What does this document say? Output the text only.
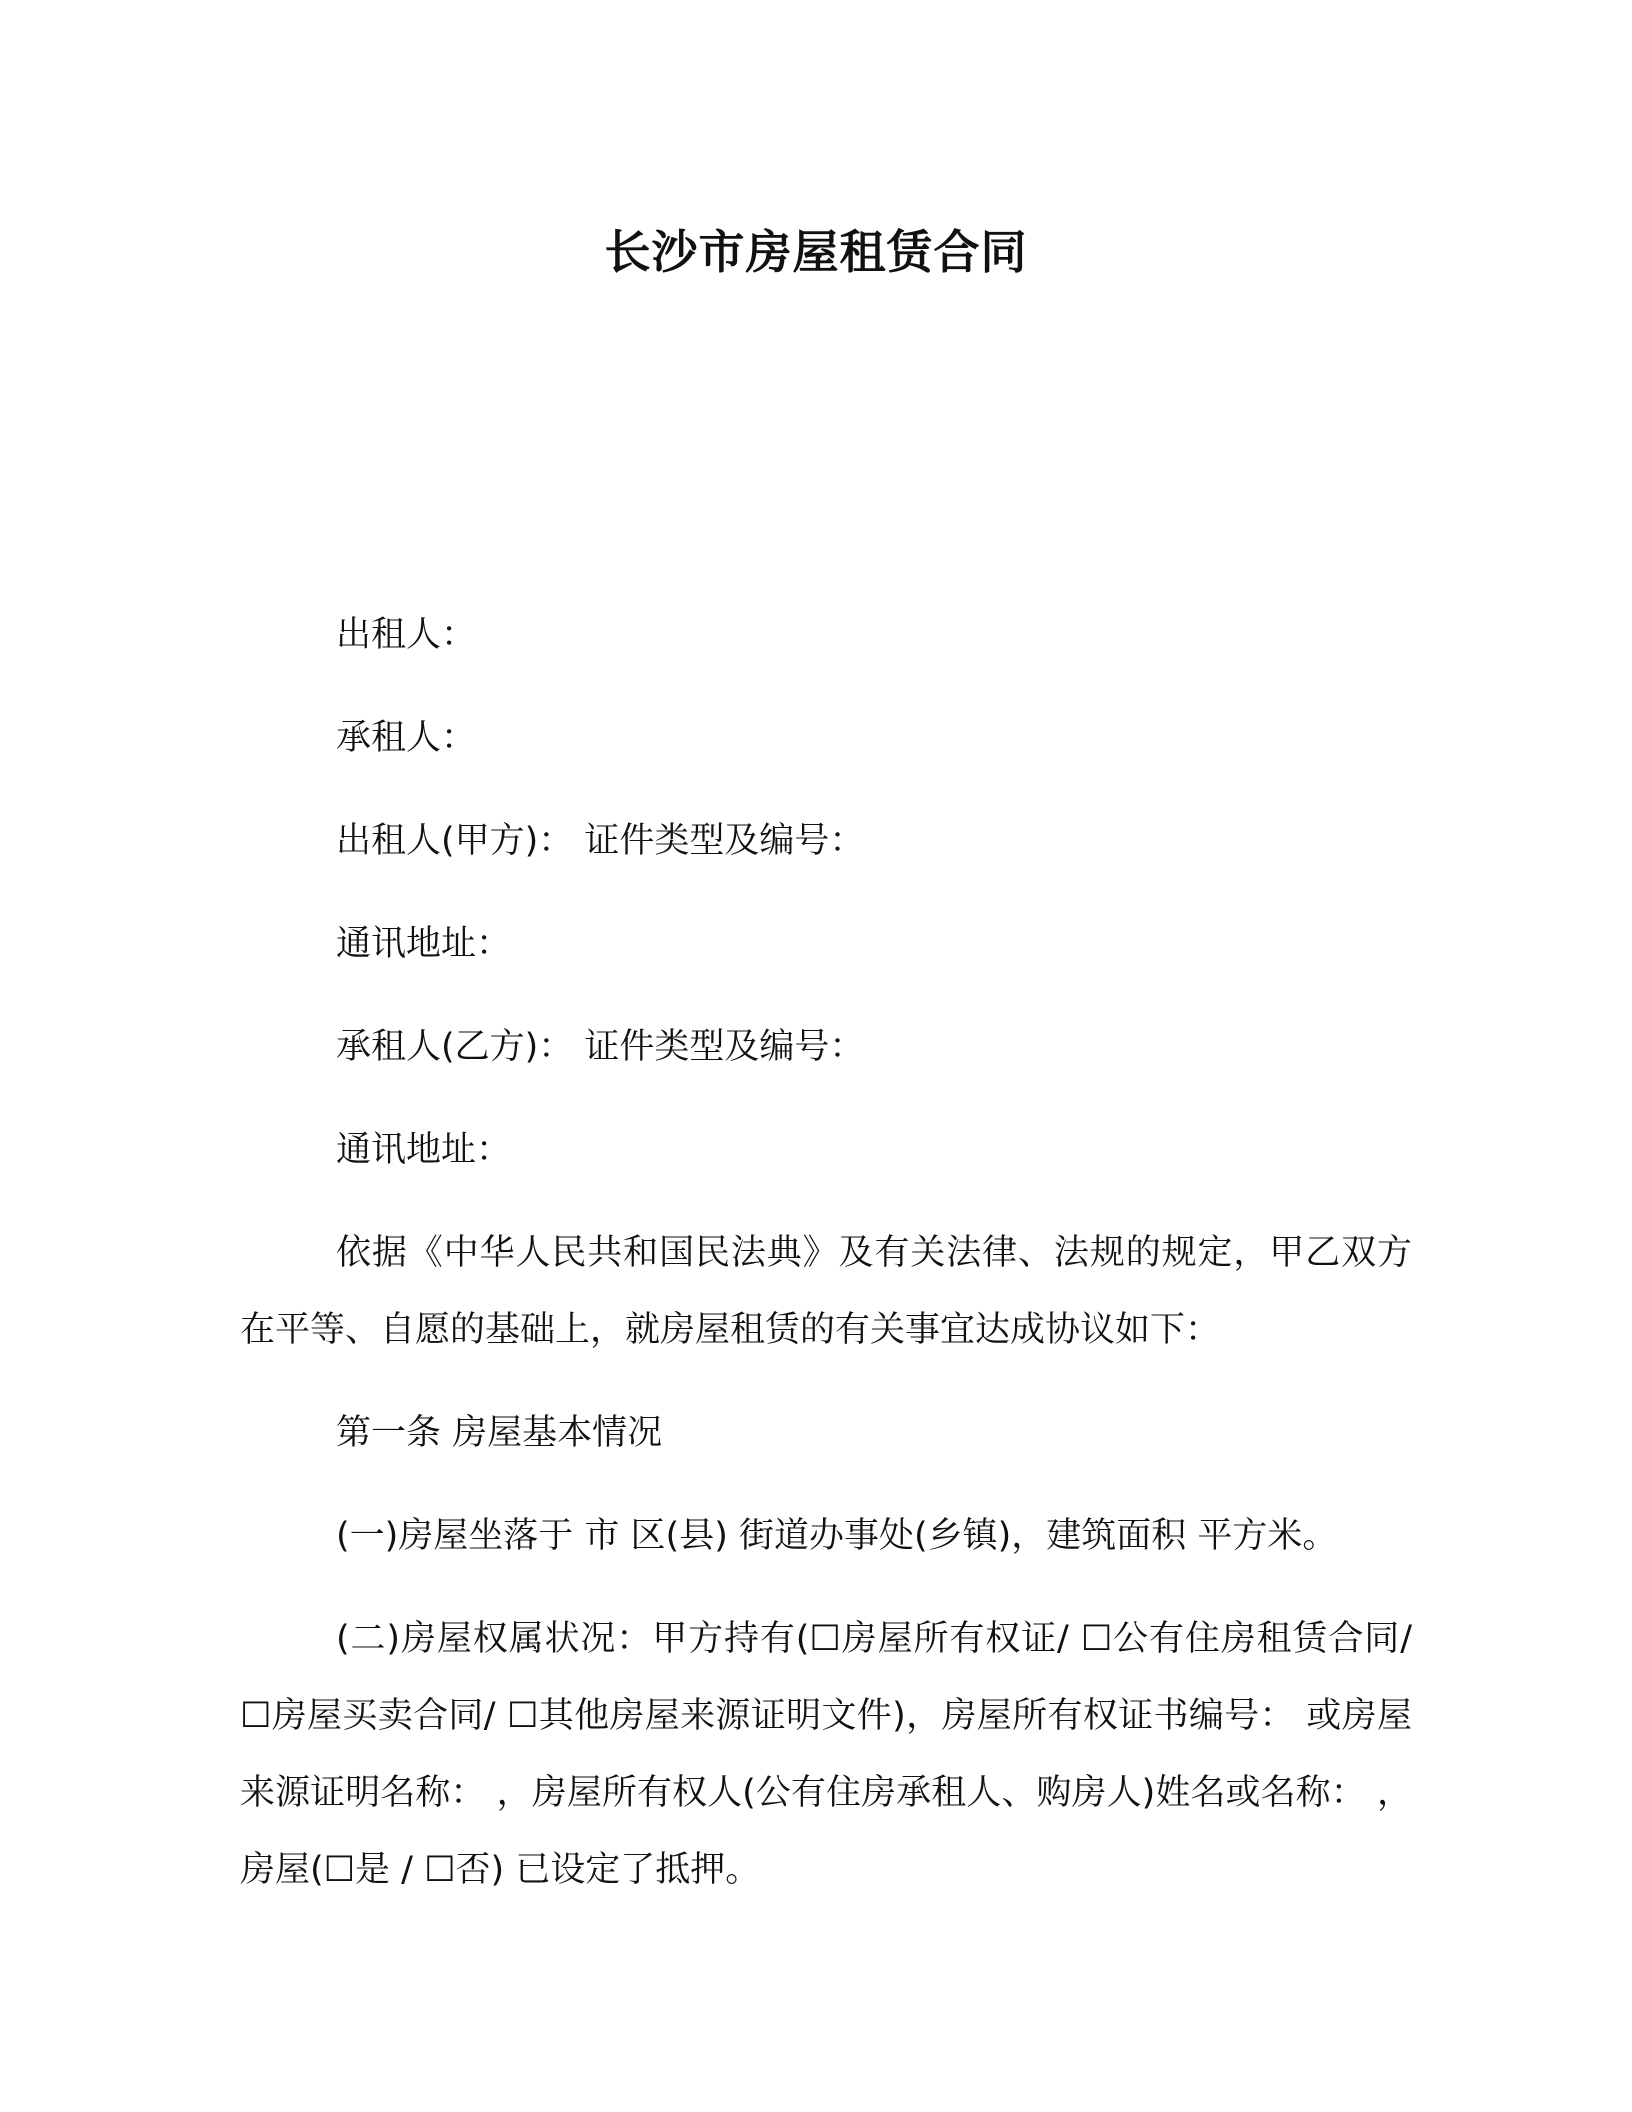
长沙市房屋租赁合同

出租人：

承租人：

出租人(甲方)： 证件类型及编号：

通讯地址：

承租人(乙方)： 证件类型及编号：

通讯地址：

依据《中华人民共和国民法典》及有关法律、法规的规定，甲乙双方在平等、自愿的基础上，就房屋租赁的有关事宜达成协议如下：

第一条 房屋基本情况

(一)房屋坐落于 市 区(县) 街道办事处(乡镇)，建筑面积 平方米。

(二)房屋权属状况：甲方持有(☐房屋所有权证/ ☐公有住房租赁合同/ ☐房屋买卖合同/ ☐其他房屋来源证明文件)，房屋所有权证书编号： 或房屋来源证明名称： ，房屋所有权人(公有住房承租人、购房人)姓名或名称： ，房屋(☐是 / ☐否) 已设定了抵押。
